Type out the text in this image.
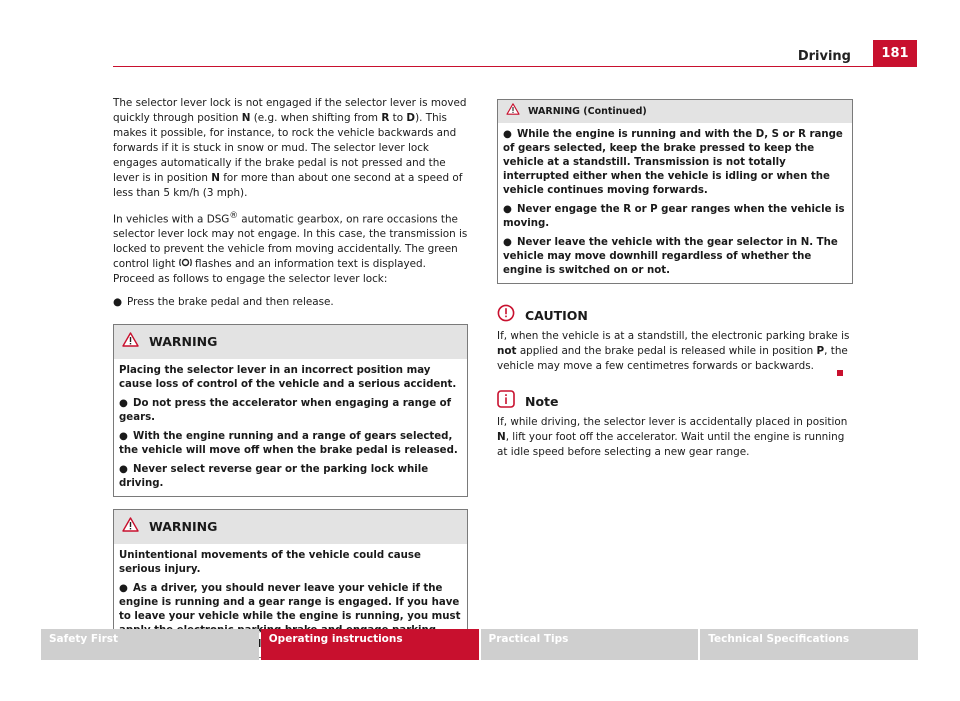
Driving	181

The selector lever lock is not engaged if the selector lever is moved quickly through position N (e.g. when shifting from R to D). This makes it possible, for instance, to rock the vehicle backwards and forwards if it is stuck in snow or mud. The selector lever lock engages automatically if the brake pedal is not pressed and the lever is in position N for more than about one second at a speed of less than 5 km/h (3 mph).

In vehicles with a DSG® automatic gearbox, on rare occasions the selector lever lock may not engage. In this case, the transmission is locked to prevent the vehicle from moving accidentally. The green control light  flashes and an information text is displayed. Proceed as follows to engage the selector lever lock:

● Press the brake pedal and then release.

WARNING

Placing the selector lever in an incorrect position may cause loss of control of the vehicle and a serious accident.

● Do not press the accelerator when engaging a range of gears.

● With the engine running and a range of gears selected, the vehicle will move off when the brake pedal is released.

● Never select reverse gear or the parking lock while driving.

WARNING

Unintentional movements of the vehicle could cause serious injury.

● As a driver, you should never leave your vehicle if the engine is running and a gear range is engaged. If you have to leave your vehicle while the engine is running, you must parking

WARNING (Continued)

● While the engine is running and with the D, S or R range of gears selected, keep the brake pressed to keep the vehicle at a standstill. Transmission is not totally interrupted either when the vehicle is idling or when the vehicle continues moving forwards.

● Never engage the R or P gear ranges when the vehicle is moving.

● Never leave the vehicle with the gear selector in N. The vehicle may move downhill regardless of whether the engine is switched on or not.

CAUTION

If, when the vehicle is at a standstill, the electronic parking brake is not applied and the brake pedal is released while in position P, the vehicle may move a few centimetres forwards or backwards.

Note

If, while driving, the selector lever is accidentally placed in position N, lift your foot off the accelerator. Wait until the engine is running at idle speed before selecting a new gear range.

Safety First	Operating instructions	Practical Tips	Technical Specifications
